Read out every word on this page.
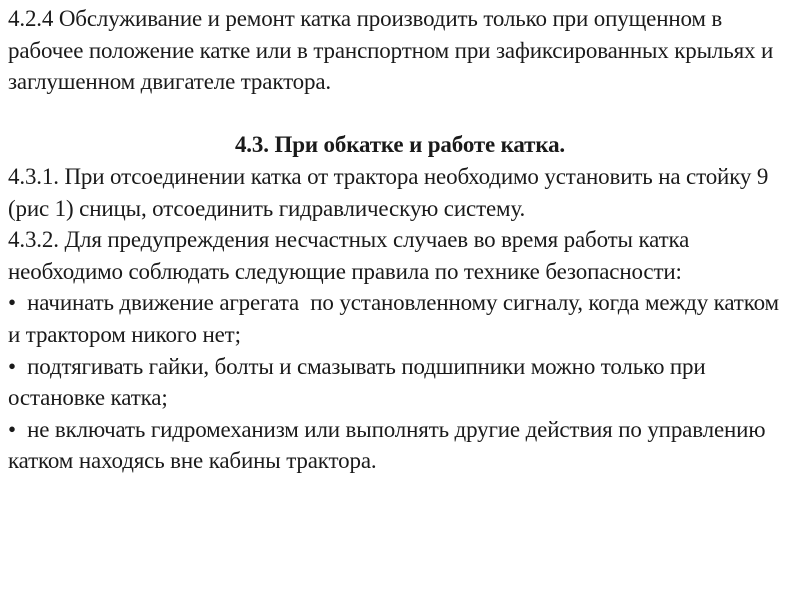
4.2.4 Обслуживание и ремонт катка производить только при опущенном в рабочее положение катке или в транспортном при зафиксированных крыльях и заглушенном двигателе трактора.

4.3. При обкатке и работе катка.

4.3.1. При отсоединении катка от трактора необходимо установить на стойку 9 (рис 1) сницы, отсоединить гидравлическую систему.

4.3.2. Для предупреждения несчастных случаев во время работы катка необходимо соблюдать следующие правила по технике безопасности:

•  начинать движение агрегата  по установленному сигналу, когда между катком и трактором никого нет;

•  подтягивать гайки, болты и смазывать подшипники можно только при остановке катка;

•  не включать гидромеханизм или выполнять другие действия по управлению катком находясь вне кабины трактора.
